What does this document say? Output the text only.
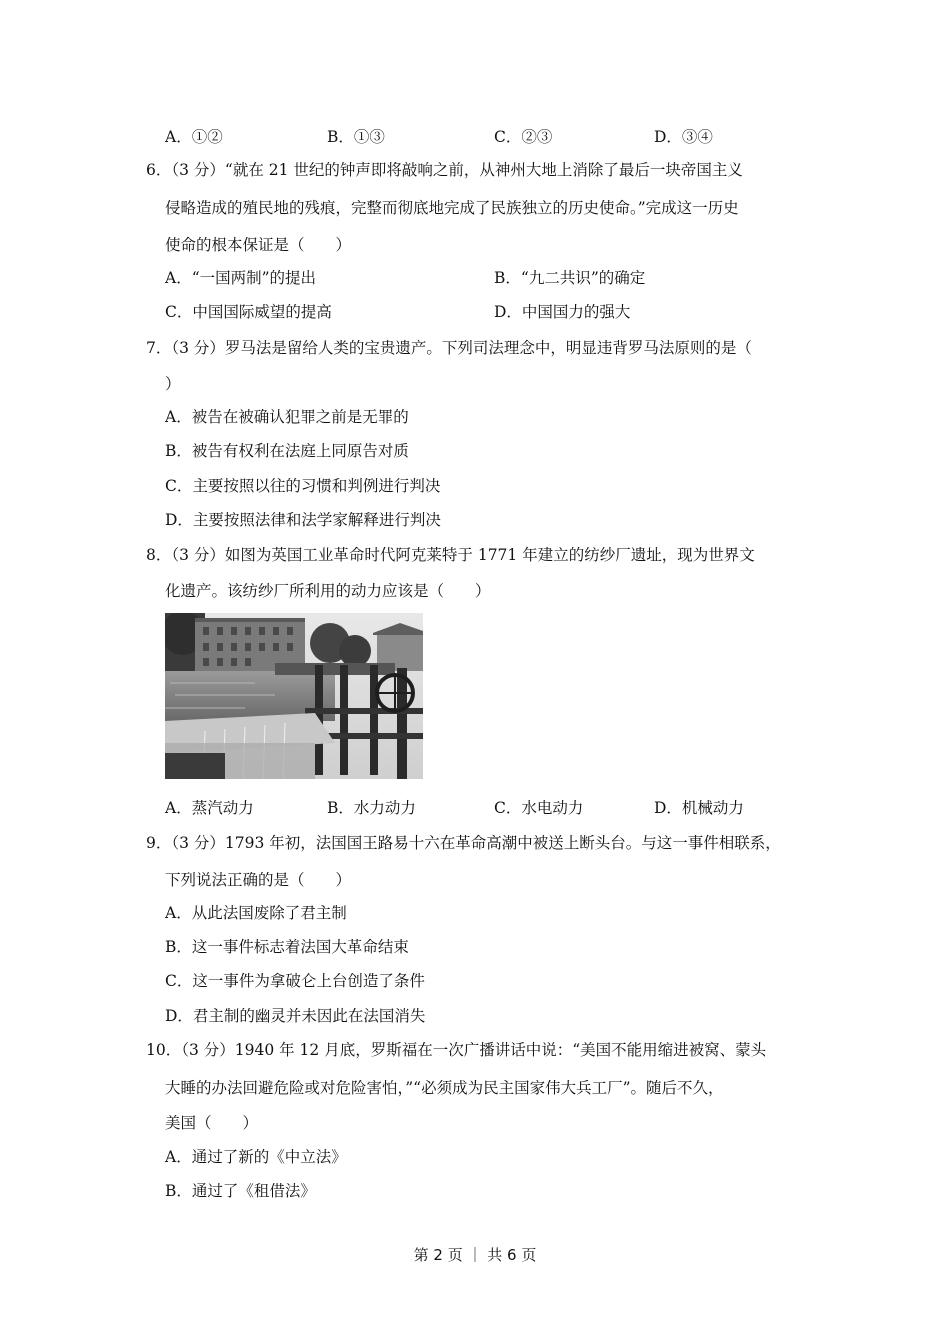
A．①②	B．①③	C．②③	D．③④
6．（3 分）“就在 21 世纪的钟声即将敲响之前，从神州大地上消除了最后一块帝国主义
侵略造成的殖民地的残痕，完整而彻底地完成了民族独立的历史使命。”完成这一历史
使命的根本保证是（　　）
A．“一国两制”的提出	B．“九二共识”的确定
C．中国国际威望的提高	D．中国国力的强大
7．（3 分）罗马法是留给人类的宝贵遗产。下列司法理念中，明显违背罗马法原则的是（
）
A．被告在被确认犯罪之前是无罪的
B．被告有权利在法庭上同原告对质
C．主要按照以往的习惯和判例进行判决
D．主要按照法律和法学家解释进行判决
8．（3 分）如图为英国工业革命时代阿克莱特于 1771 年建立的纺纱厂遗址，现为世界文
化遗产。该纺纱厂所利用的动力应该是（　　）
A．蒸汽动力	B．水力动力	C．水电动力	D．机械动力
9．（3 分）1793 年初，法国国王路易十六在革命高潮中被送上断头台。与这一事件相联系，
下列说法正确的是（　　）
A．从此法国废除了君主制
B．这一事件标志着法国大革命结束
C．这一事件为拿破仑上台创造了条件
D．君主制的幽灵并未因此在法国消失
10．（3 分）1940 年 12 月底，罗斯福在一次广播讲话中说：“美国不能用缩进被窝、蒙头
大睡的办法回避危险或对危险害怕，”“必须成为民主国家伟大兵工厂”。随后不久，
美国（　　）
A．通过了新的《中立法》
B．通过了《租借法》
第 2 页 ｜ 共 6 页
